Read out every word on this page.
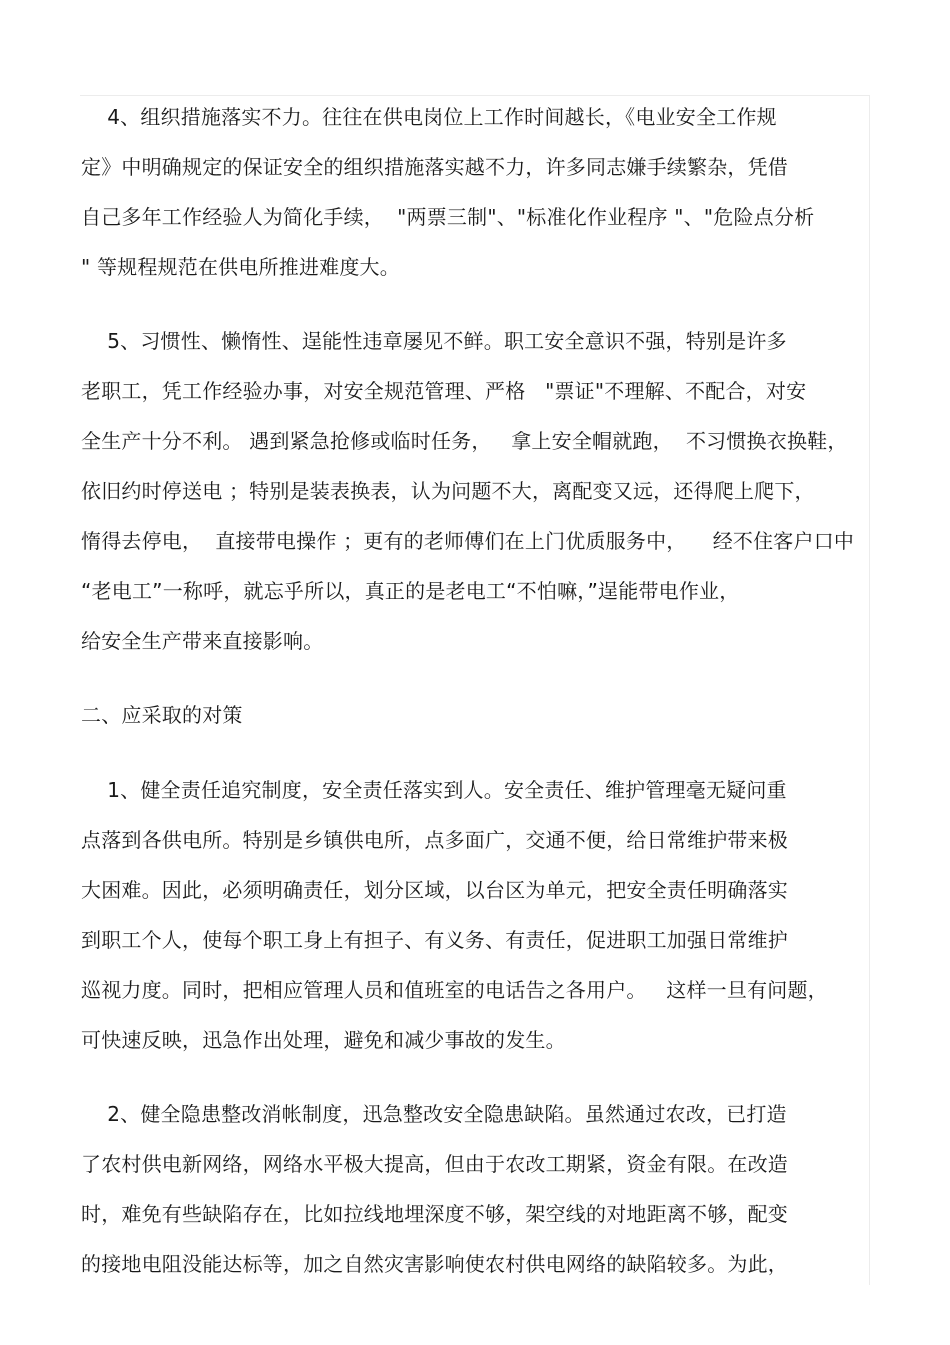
4、组织措施落实不力。往往在供电岗位上工作时间越长，《电业安全工作规
定》中明确规定的保证安全的组织措施落实越不力，许多同志嫌手续繁杂，凭借
自己多年工作经验人为简化手续，  "两票三制"、"标准化作业程序 "、"危险点分析
" 等规程规范在供电所推进难度大。
5、习惯性、懒惰性、逞能性违章屡见不鲜。职工安全意识不强，特别是许多
老职工，凭工作经验办事，对安全规范管理、严格   "票证"不理解、不配合，对安
全生产十分不利。 遇到紧急抢修或临时任务，   拿上安全帽就跑，  不习惯换衣换鞋，
依旧约时停送电 ；特别是装表换表，认为问题不大，离配变又远，还得爬上爬下，
惰得去停电，  直接带电操作 ；更有的老师傅们在上门优质服务中，    经不住客户口中
“老电工”一称呼，就忘乎所以，真正的是老电工“不怕嘛，”逞能带电作业，
给安全生产带来直接影响。
二、应采取的对策
1、健全责任追究制度，安全责任落实到人。安全责任、维护管理毫无疑问重
点落到各供电所。特别是乡镇供电所，点多面广，交通不便，给日常维护带来极
大困难。因此，必须明确责任，划分区域，以台区为单元，把安全责任明确落实
到职工个人，使每个职工身上有担子、有义务、有责任，促进职工加强日常维护
巡视力度。同时，把相应管理人员和值班室的电话告之各用户。   这样一旦有问题，
可快速反映，迅急作出处理，避免和减少事故的发生。
2、健全隐患整改消帐制度，迅急整改安全隐患缺陷。虽然通过农改，已打造
了农村供电新网络，网络水平极大提高，但由于农改工期紧，资金有限。在改造
时，难免有些缺陷存在，比如拉线地埋深度不够，架空线的对地距离不够，配变
的接地电阻没能达标等，加之自然灾害影响使农村供电网络的缺陷较多。为此，
